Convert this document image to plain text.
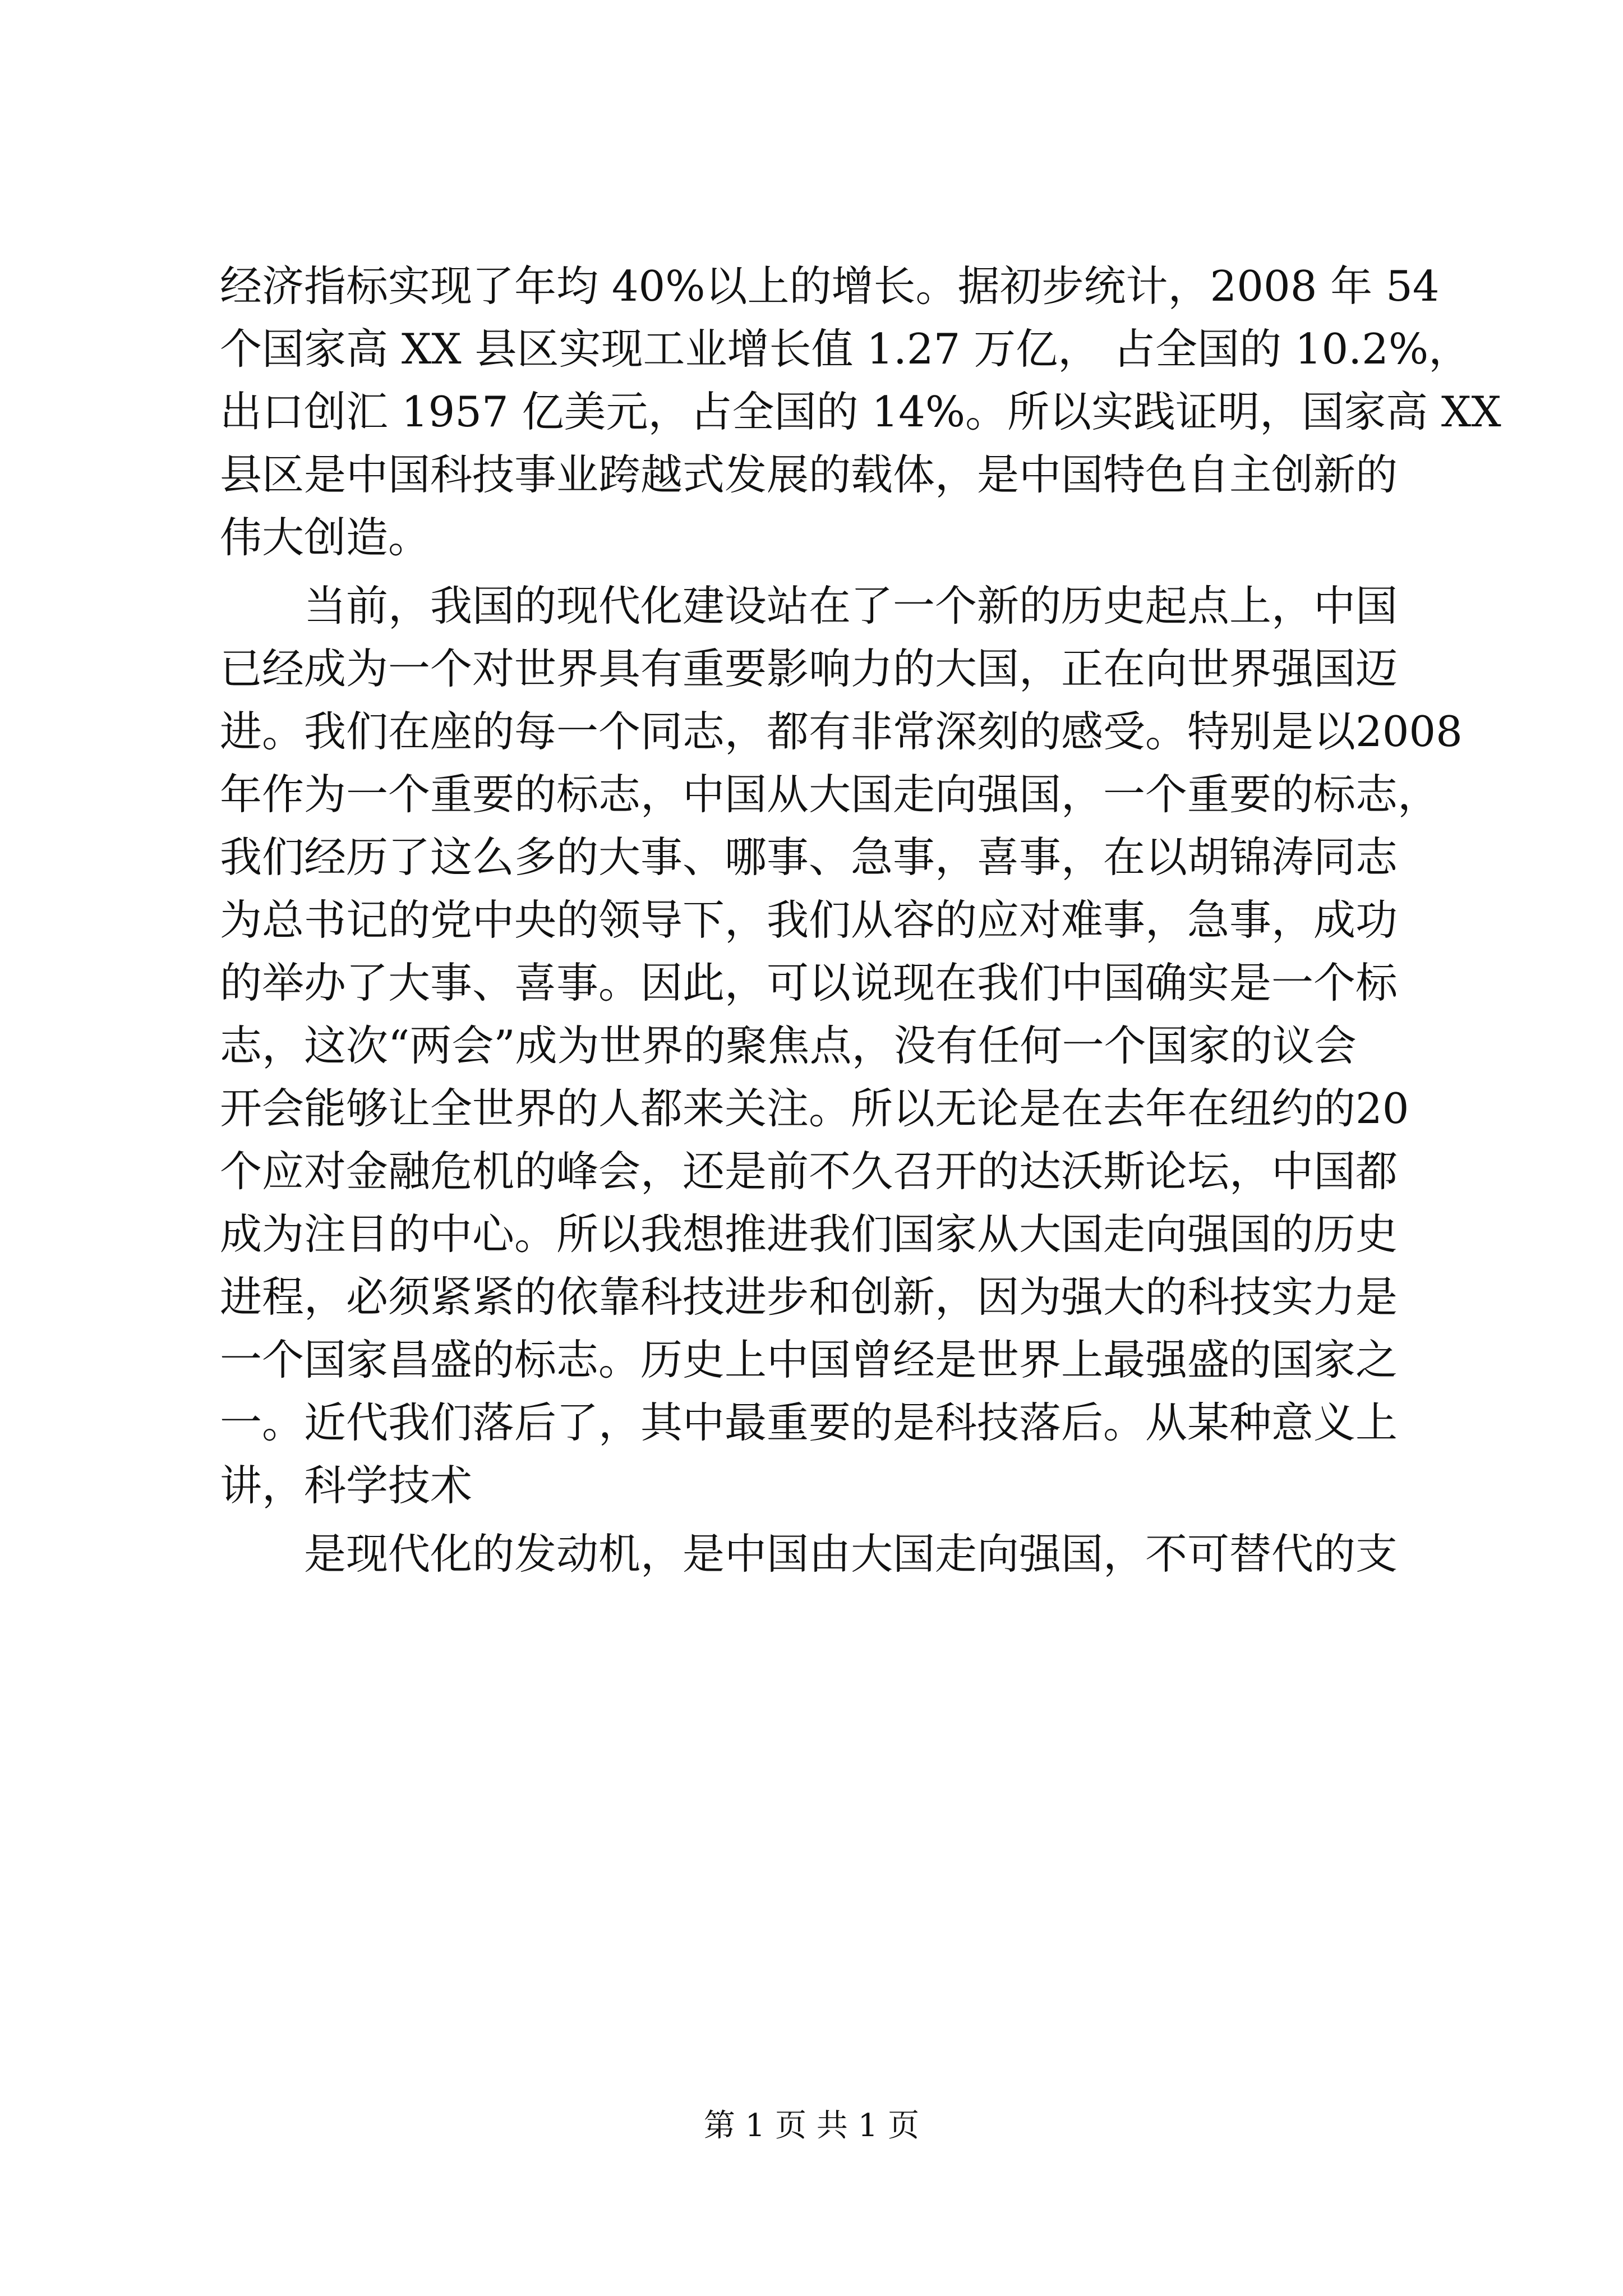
经济指标实现了年均 40%以上的增长。据初步统计，2008 年 54
个国家高 XX 县区实现工业增长值 1.27 万亿， 占全国的 10.2%，
出口创汇 1957 亿美元，占全国的 14%。所以实践证明，国家高 XX
县区是中国科技事业跨越式发展的载体，是中国特色自主创新的
伟大创造。
当前，我国的现代化建设站在了一个新的历史起点上，中国
已经成为一个对世界具有重要影响力的大国，正在向世界强国迈
进。我们在座的每一个同志，都有非常深刻的感受。特别是以2008
年作为一个重要的标志，中国从大国走向强国，一个重要的标志，
我们经历了这么多的大事、哪事、急事，喜事，在以胡锦涛同志
为总书记的党中央的领导下，我们从容的应对难事，急事，成功
的举办了大事、喜事。因此，可以说现在我们中国确实是一个标
志，这次“两会”成为世界的聚焦点，没有任何一个国家的议会
开会能够让全世界的人都来关注。所以无论是在去年在纽约的20
个应对金融危机的峰会，还是前不久召开的达沃斯论坛，中国都
成为注目的中心。所以我想推进我们国家从大国走向强国的历史
进程，必须紧紧的依靠科技进步和创新，因为强大的科技实力是
一个国家昌盛的标志。历史上中国曾经是世界上最强盛的国家之
一。近代我们落后了，其中最重要的是科技落后。从某种意义上
讲，科学技术
是现代化的发动机，是中国由大国走向强国，不可替代的支
第 1 页 共 1 页
